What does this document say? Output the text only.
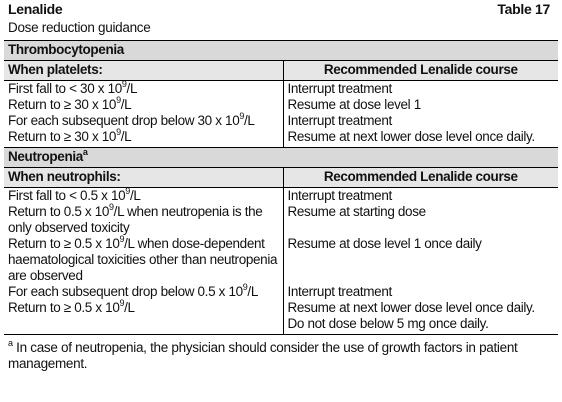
Lenalide
Dose reduction guidance
Table 17
Thrombocytopenia	
When platelets:	Recommended Lenalide course
First fall to < 30 x $10^9/L$	Interrupt treatment
Return to ≥ 30 x $10^9/L$	Resume at dose level 1
For each subsequent drop below 30 x $10^9/L$	Interrupt treatment
Return to ≥ 30 x $10^9/L$	Resume at next lower dose level once daily.
Neutropenia$^a$
When neutrophils:	Recommended Lenalide course
First fall to < 0.5 x $10^9/L$	Interrupt treatment
Return to 0.5 x $10^9/L$ when neutropenia is the only observed toxicity	Resume at starting dose
Return to ≥ 0.5 x $10^9/L$ when dose-dependent haematological toxicities other than neutropenia are observed	Resume at dose level 1 once daily
For each subsequent drop below 0.5 x $10^9/L$	Interrupt treatment
Return to ≥ 0.5 x $10^9/L$	Resume at next lower dose level once daily.
Do not dose below 5 mg once daily.
$^a$ In case of neutropenia, the physician should consider the use of growth factors in patient management.
